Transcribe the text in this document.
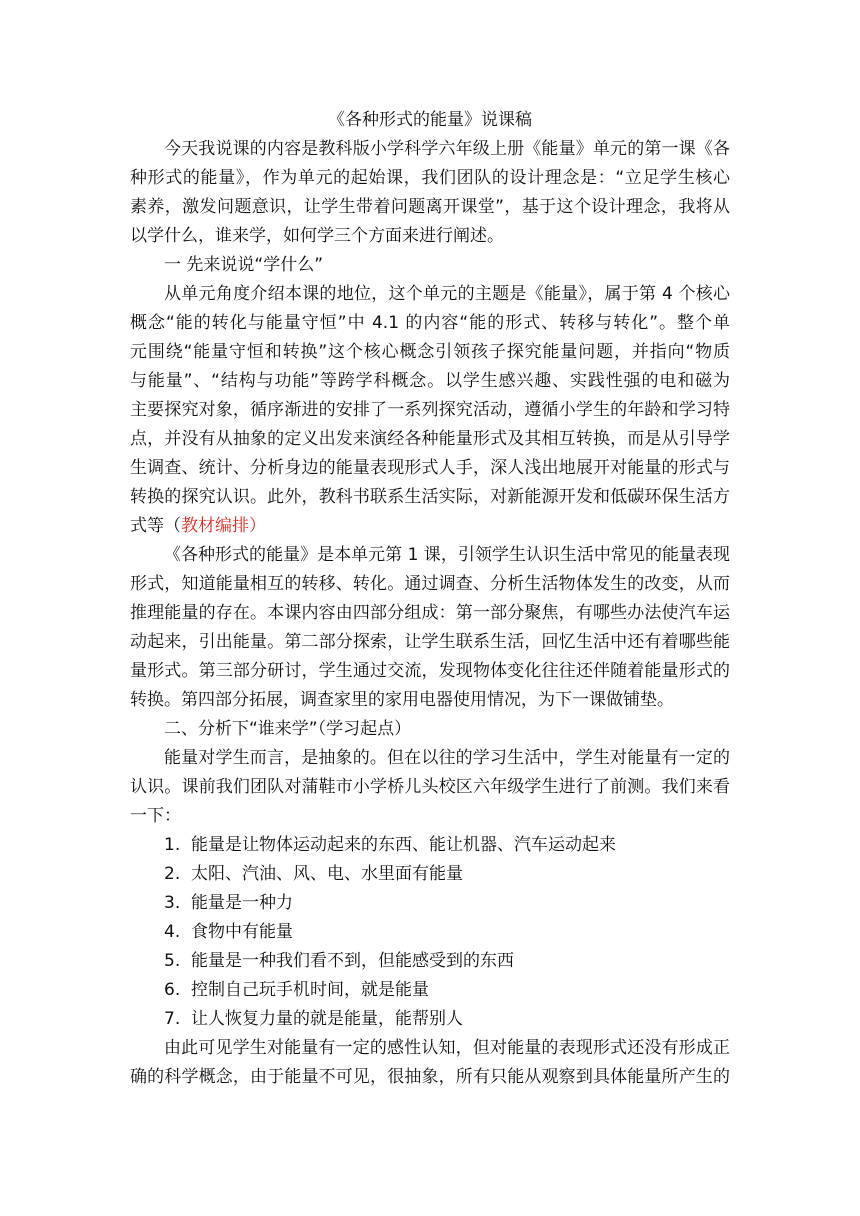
《各种形式的能量》说课稿
今天我说课的内容是教科版小学科学六年级上册《能量》单元的第一课《各
种形式的能量》，作为单元的起始课，我们团队的设计理念是：“立足学生核心
素养，激发问题意识，让学生带着问题离开课堂”，基于这个设计理念，我将从
以学什么，谁来学，如何学三个方面来进行阐述。
一 先来说说“学什么”
从单元角度介绍本课的地位，这个单元的主题是《能量》，属于第 4 个核心
概念“能的转化与能量守恒”中 4.1 的内容“能的形式、转移与转化”。整个单
元围绕“能量守恒和转换”这个核心概念引领孩子探究能量问题，并指向“物质
与能量”、“结构与功能”等跨学科概念。以学生感兴趣、实践性强的电和磁为
主要探究对象，循序渐进的安排了一系列探究活动，遵循小学生的年龄和学习特
点，并没有从抽象的定义出发来演经各种能量形式及其相互转换，而是从引导学
生调查、统计、分析身边的能量表现形式人手，深人浅出地展开对能量的形式与
转换的探究认识。此外，教科书联系生活实际，对新能源开发和低碳环保生活方
式等（教材编排）
《各种形式的能量》是本单元第 1 课，引领学生认识生活中常见的能量表现
形式，知道能量相互的转移、转化。通过调查、分析生活物体发生的改变，从而
推理能量的存在。本课内容由四部分组成：第一部分聚焦，有哪些办法使汽车运
动起来，引出能量。第二部分探索，让学生联系生活，回忆生活中还有着哪些能
量形式。第三部分研讨，学生通过交流，发现物体变化往往还伴随着能量形式的
转换。第四部分拓展，调查家里的家用电器使用情况，为下一课做铺垫。
二、分析下“谁来学”（学习起点）
能量对学生而言，是抽象的。但在以往的学习生活中，学生对能量有一定的
认识。课前我们团队对蒲鞋市小学桥儿头校区六年级学生进行了前测。我们来看
一下：
1. 能量是让物体运动起来的东西、能让机器、汽车运动起来
2. 太阳、汽油、风、电、水里面有能量
3. 能量是一种力
4. 食物中有能量
5. 能量是一种我们看不到，但能感受到的东西
6. 控制自己玩手机时间，就是能量
7. 让人恢复力量的就是能量，能帮别人
由此可见学生对能量有一定的感性认知，但对能量的表现形式还没有形成正
确的科学概念，由于能量不可见，很抽象，所有只能从观察到具体能量所产生的
